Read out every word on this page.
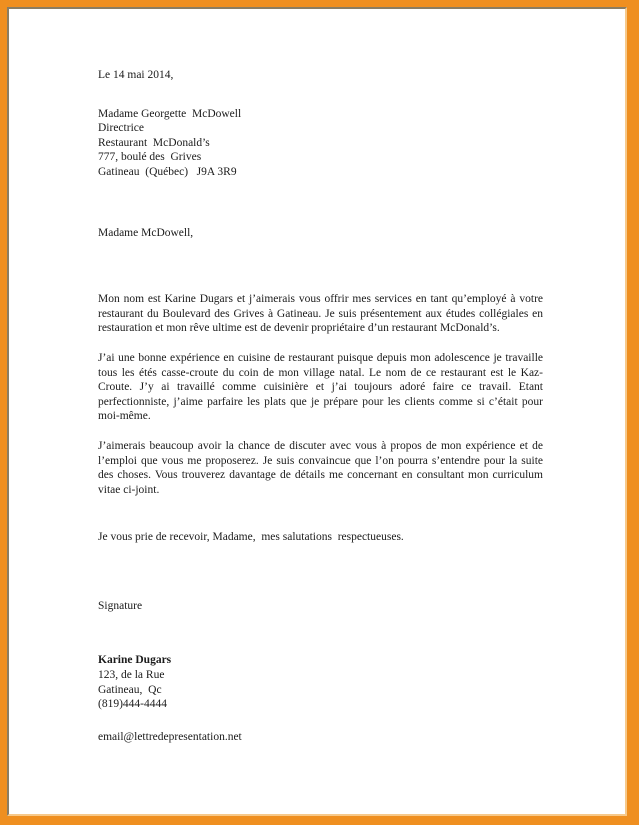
Le 14 mai 2014,
Madame Georgette  McDowell
Directrice
Restaurant  McDonald’s
777, boulé des  Grives
Gatineau  (Québec)   J9A 3R9
Madame McDowell,

Mon nom est Karine Dugars et j’aimerais vous offrir mes services en tant qu’employé à votre restaurant du Boulevard des Grives à Gatineau. Je suis présentement aux études collégiales en restauration et mon rêve ultime est de devenir propriétaire d’un restaurant McDonald’s.

J’ai une bonne expérience en cuisine de restaurant puisque depuis mon adolescence je travaille tous les étés casse-croute du coin de mon village natal. Le nom de ce restaurant est le Kaz-Croute. J’y ai travaillé comme cuisinière et j’ai toujours adoré faire ce travail. Etant perfectionniste, j’aime parfaire les plats que je prépare pour les clients comme si c’était pour moi-même.

J’aimerais beaucoup avoir la chance de discuter avec vous à propos de mon expérience et de l’emploi que vous me proposerez. Je suis convaincue que l’on pourra s’entendre pour la suite des choses. Vous trouverez davantage de détails me concernant en consultant mon curriculum vitae ci-joint.

Je vous prie de recevoir, Madame,  mes salutations  respectueuses.
Signature
Karine Dugars
123, de la Rue
Gatineau,  Qc
(819)444-4444
email@lettredepresentation.net
